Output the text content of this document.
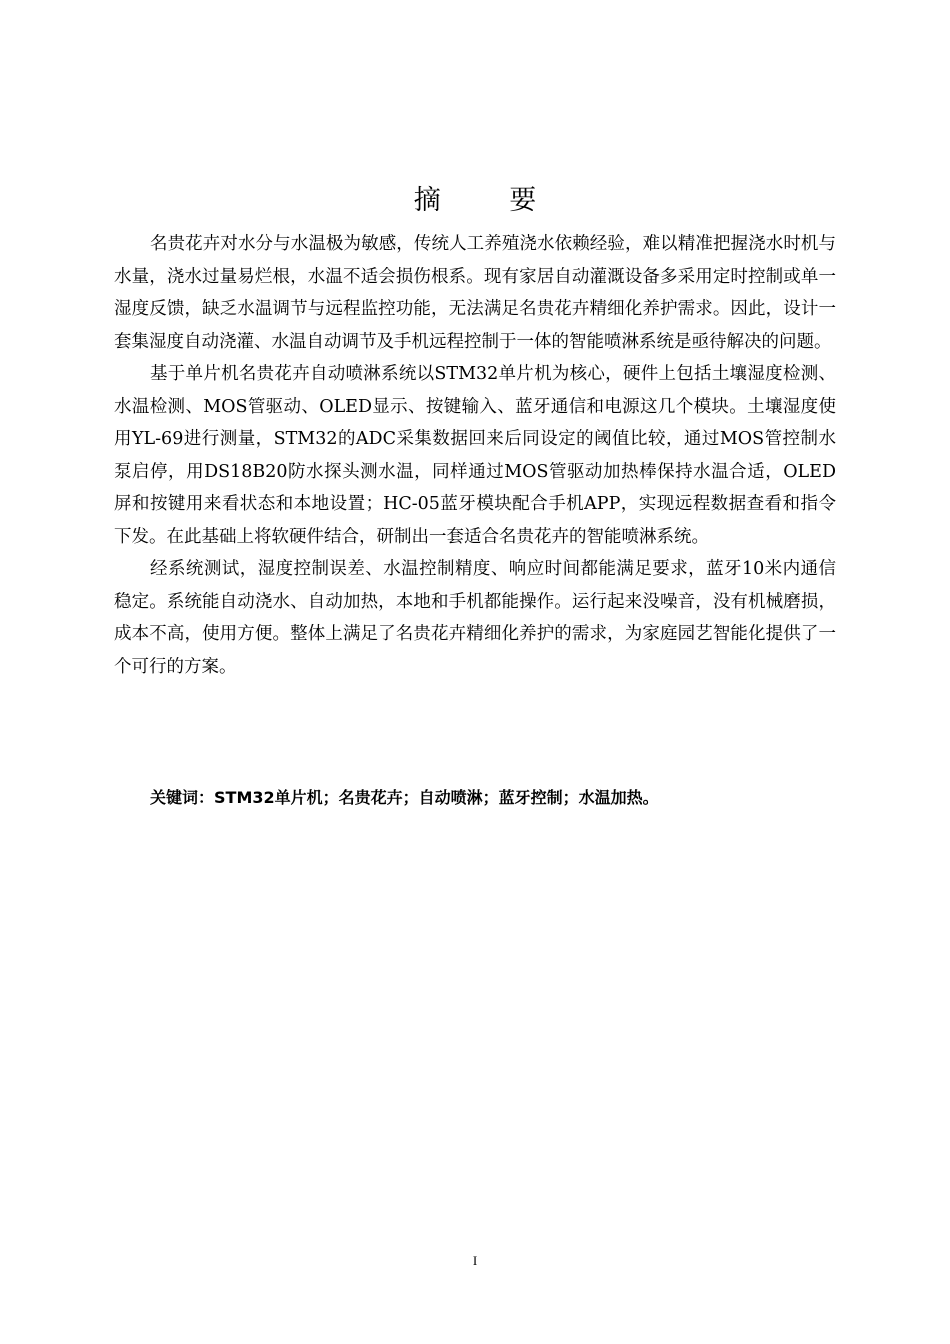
摘 要

名贵花卉对水分与水温极为敏感，传统人工养殖浇水依赖经验，难以精准把握浇水时机与水量，浇水过量易烂根，水温不适会损伤根系。现有家居自动灌溉设备多采用定时控制或单一湿度反馈，缺乏水温调节与远程监控功能，无法满足名贵花卉精细化养护需求。因此，设计一套集湿度自动浇灌、水温自动调节及手机远程控制于一体的智能喷淋系统是亟待解决的问题。

基于单片机名贵花卉自动喷淋系统以STM32单片机为核心，硬件上包括土壤湿度检测、水温检测、MOS管驱动、OLED显示、按键输入、蓝牙通信和电源这几个模块。土壤湿度使用YL-69进行测量，STM32的ADC采集数据回来后同设定的阈值比较，通过MOS管控制水泵启停，用DS18B20防水探头测水温，同样通过MOS管驱动加热棒保持水温合适，OLED屏和按键用来看状态和本地设置；HC-05蓝牙模块配合手机APP，实现远程数据查看和指令下发。在此基础上将软硬件结合，研制出一套适合名贵花卉的智能喷淋系统。

经系统测试，湿度控制误差、水温控制精度、响应时间都能满足要求，蓝牙10米内通信稳定。系统能自动浇水、自动加热，本地和手机都能操作。运行起来没噪音，没有机械磨损，成本不高，使用方便。整体上满足了名贵花卉精细化养护的需求，为家庭园艺智能化提供了一个可行的方案。

关键词：STM32单片机；名贵花卉；自动喷淋；蓝牙控制；水温加热。
I
